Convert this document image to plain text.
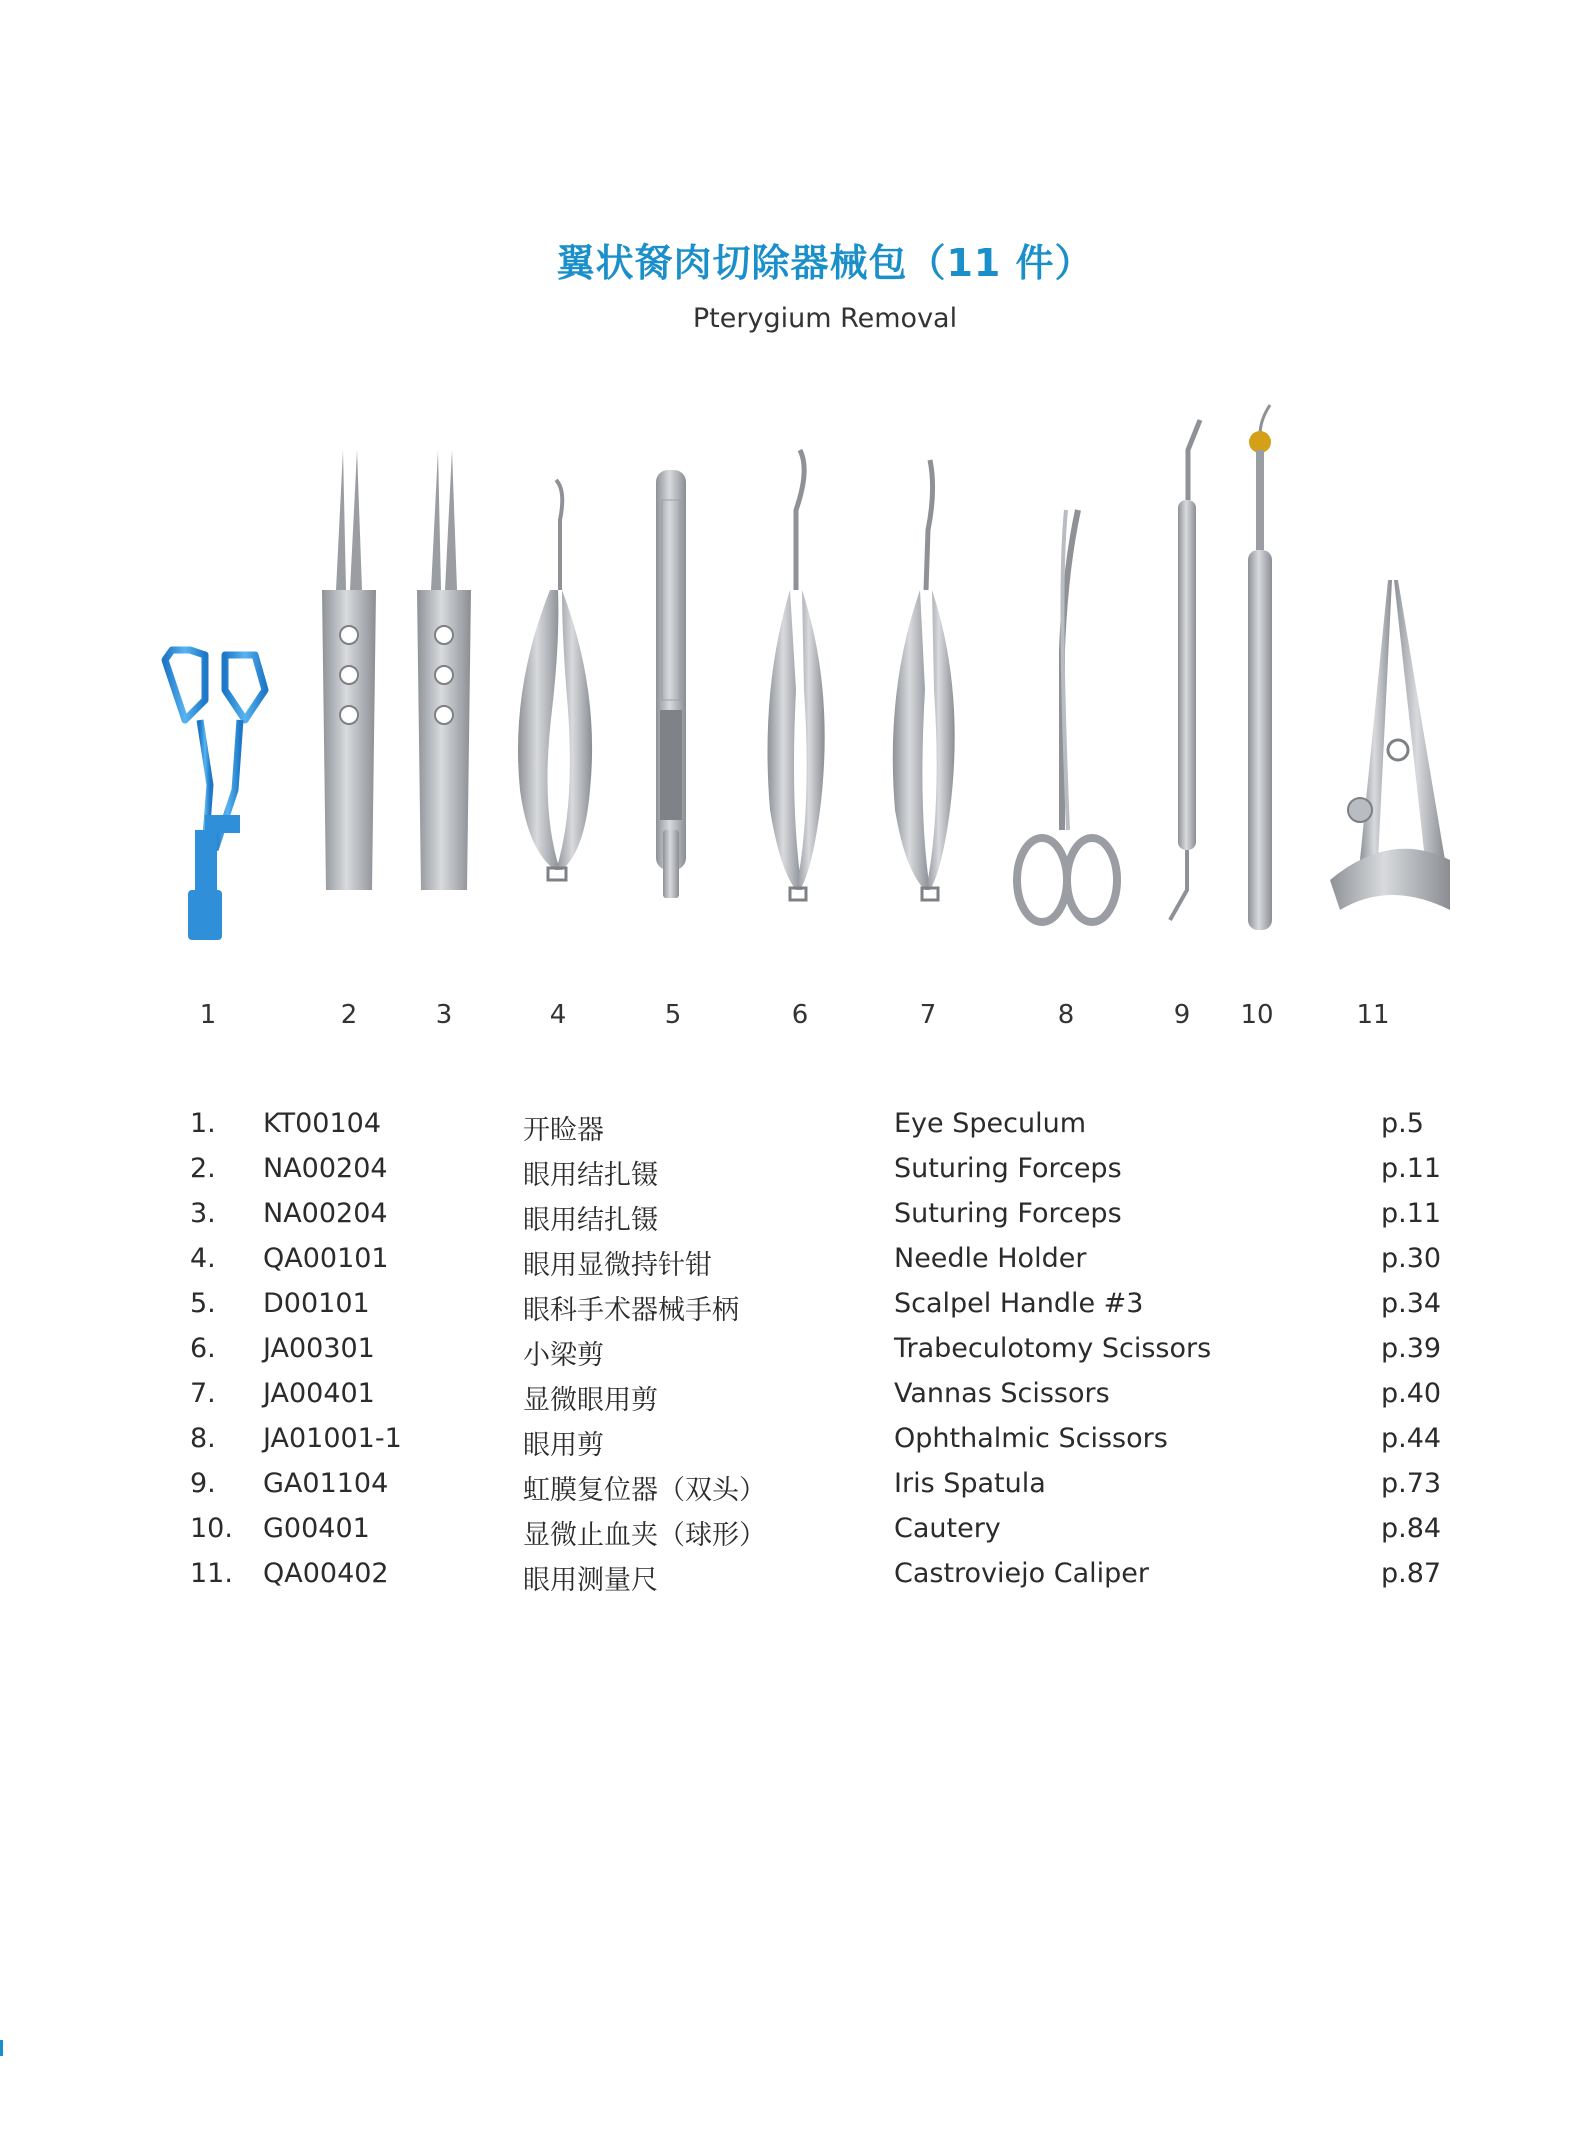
翼状胬肉切除器械包（11 件）
Pterygium Removal
1	2	3	4	5	6	7	8	9 10	11
1. KT00104	开睑器	Eye Speculum	p.5
2. NA00204	眼用结扎镊	Suturing Forceps	p.11
3. NA00204	眼用结扎镊	Suturing Forceps	p.11
4. QA00101	眼用显微持针钳	Needle Holder	p.30
5. D00101	眼科手术器械手柄	Scalpel Handle #3	p.34
6. JA00301	小梁剪	Trabeculotomy Scissors	p.39
7. JA00401	显微眼用剪	Vannas Scissors	p.40
8. JA01001-1	眼用剪	Ophthalmic Scissors	p.44
9. GA01104	虹膜复位器（双头）	Iris Spatula	p.73
10. G00401	显微止血夹（球形）	Cautery	p.84
11. QA00402	眼用测量尺	Castroviejo Caliper	p.87
